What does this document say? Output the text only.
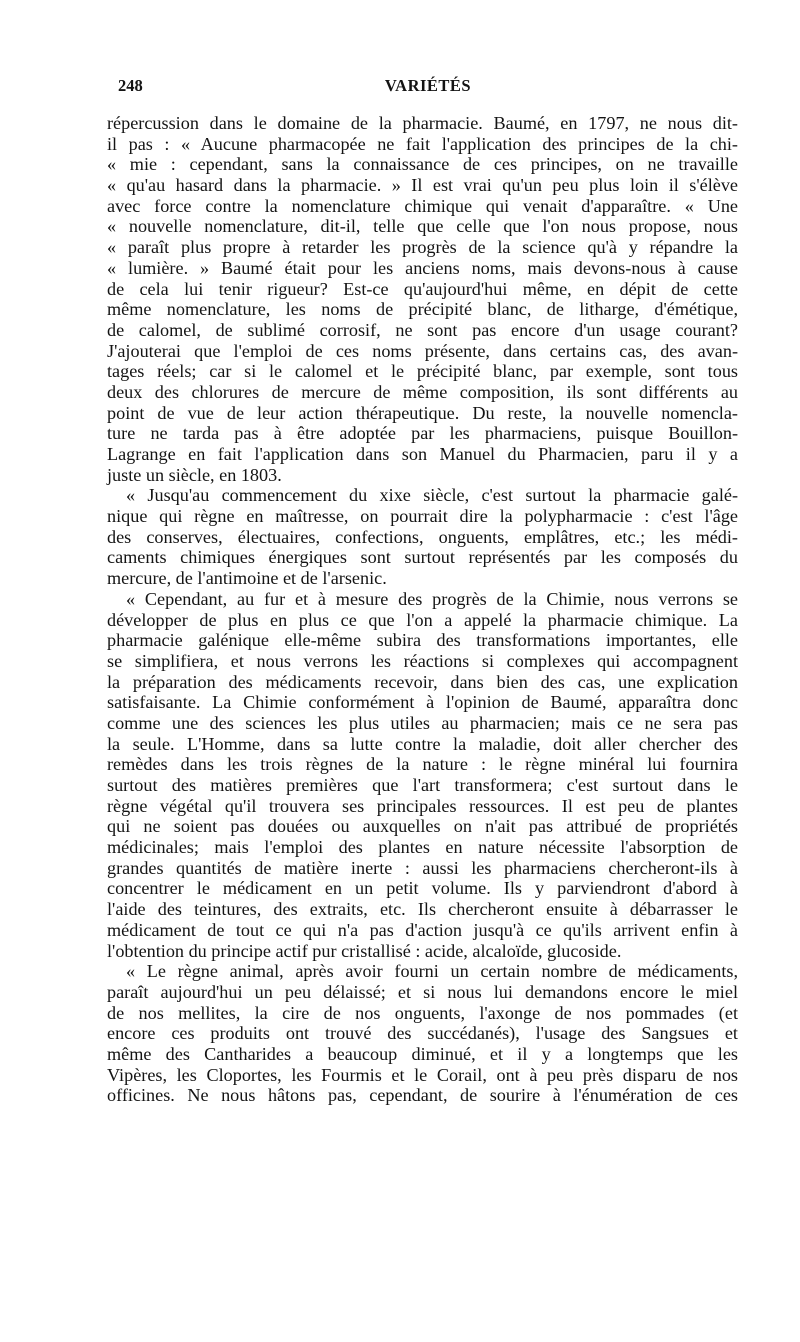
248	VARIÉTÉS
répercussion dans le domaine de la pharmacie. Baumé, en 1797, ne nous dit-
il pas : « Aucune pharmacopée ne fait l'application des principes de la chi-
« mie : cependant, sans la connaissance de ces principes, on ne travaille
« qu'au hasard dans la pharmacie. » Il est vrai qu'un peu plus loin il s'élève
avec force contre la nomenclature chimique qui venait d'apparaître. « Une
« nouvelle nomenclature, dit-il, telle que celle que l'on nous propose, nous
« paraît plus propre à retarder les progrès de la science qu'à y répandre la
« lumière. » Baumé était pour les anciens noms, mais devons-nous à cause
de cela lui tenir rigueur? Est-ce qu'aujourd'hui même, en dépit de cette
même nomenclature, les noms de précipité blanc, de litharge, d'émétique,
de calomel, de sublimé corrosif, ne sont pas encore d'un usage courant?
J'ajouterai que l'emploi de ces noms présente, dans certains cas, des avan-
tages réels; car si le calomel et le précipité blanc, par exemple, sont tous
deux des chlorures de mercure de même composition, ils sont différents au
point de vue de leur action thérapeutique. Du reste, la nouvelle nomencla-
ture ne tarda pas à être adoptée par les pharmaciens, puisque Bouillon-
Lagrange en fait l'application dans son Manuel du Pharmacien, paru il y a
juste un siècle, en 1803.
« Jusqu'au commencement du xixe siècle, c'est surtout la pharmacie galé-
nique qui règne en maîtresse, on pourrait dire la polypharmacie : c'est l'âge
des conserves, électuaires, confections, onguents, emplâtres, etc.; les médi-
caments chimiques énergiques sont surtout représentés par les composés du
mercure, de l'antimoine et de l'arsenic.
« Cependant, au fur et à mesure des progrès de la Chimie, nous verrons se
développer de plus en plus ce que l'on a appelé la pharmacie chimique. La
pharmacie galénique elle-même subira des transformations importantes, elle
se simplifiera, et nous verrons les réactions si complexes qui accompagnent
la préparation des médicaments recevoir, dans bien des cas, une explication
satisfaisante. La Chimie conformément à l'opinion de Baumé, apparaîtra donc
comme une des sciences les plus utiles au pharmacien; mais ce ne sera pas
la seule. L'Homme, dans sa lutte contre la maladie, doit aller chercher des
remèdes dans les trois règnes de la nature : le règne minéral lui fournira
surtout des matières premières que l'art transformera; c'est surtout dans le
règne végétal qu'il trouvera ses principales ressources. Il est peu de plantes
qui ne soient pas douées ou auxquelles on n'ait pas attribué de propriétés
médicinales; mais l'emploi des plantes en nature nécessite l'absorption de
grandes quantités de matière inerte : aussi les pharmaciens chercheront-ils à
concentrer le médicament en un petit volume. Ils y parviendront d'abord à
l'aide des teintures, des extraits, etc. Ils chercheront ensuite à débarrasser le
médicament de tout ce qui n'a pas d'action jusqu'à ce qu'ils arrivent enfin à
l'obtention du principe actif pur cristallisé : acide, alcaloïde, glucoside.
« Le règne animal, après avoir fourni un certain nombre de médicaments,
paraît aujourd'hui un peu délaissé; et si nous lui demandons encore le miel
de nos mellites, la cire de nos onguents, l'axonge de nos pommades (et
encore ces produits ont trouvé des succédanés), l'usage des Sangsues et
même des Cantharides a beaucoup diminué, et il y a longtemps que les
Vipères, les Cloportes, les Fourmis et le Corail, ont à peu près disparu de nos
officines. Ne nous hâtons pas, cependant, de sourire à l'énumération de ces
